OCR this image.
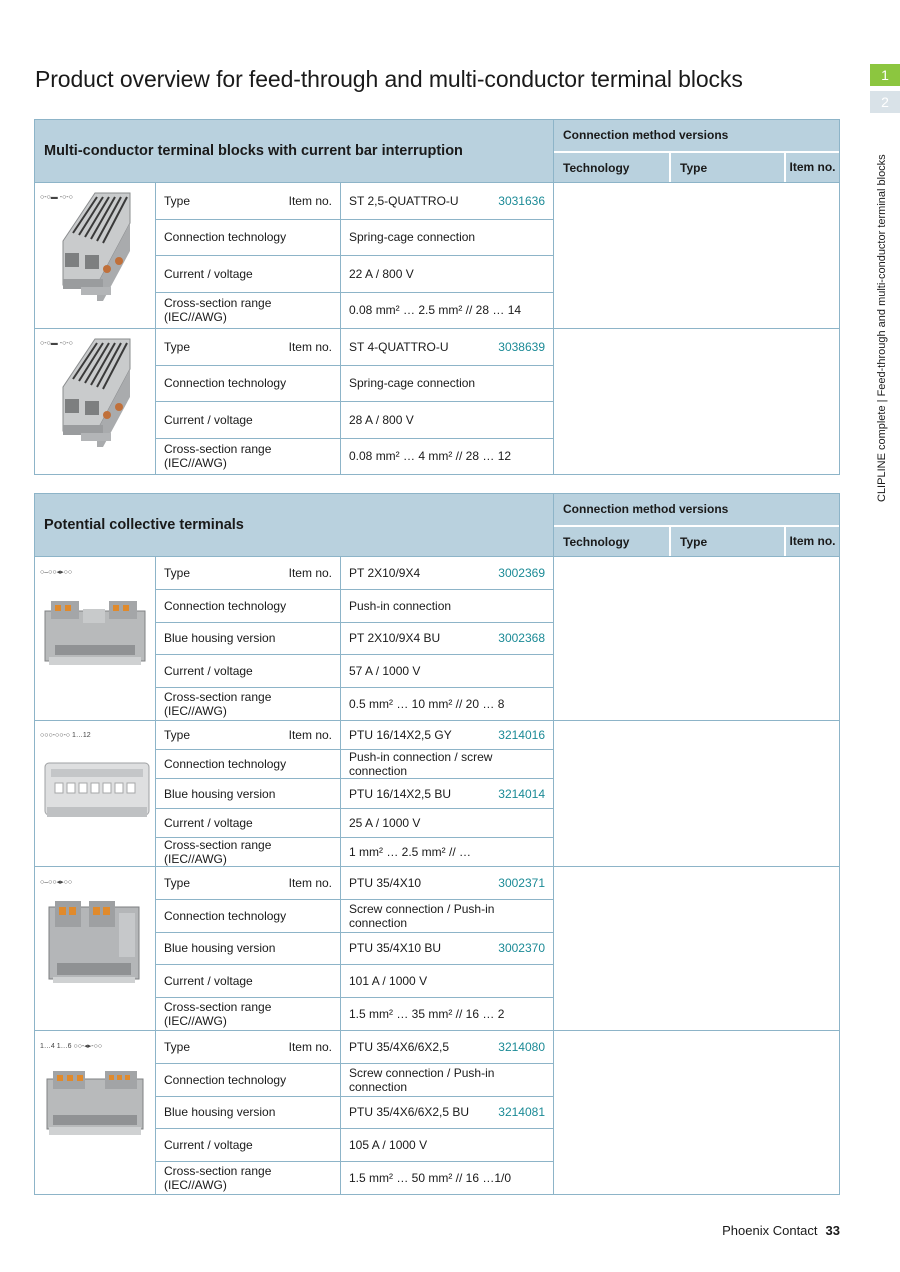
Product overview for feed-through and multi-conductor terminal blocks	1
2
CLIPLINE complete | Feed-through and multi-conductor terminal blocks
Multi-conductor terminal blocks with current bar interruption
Connection method versions
Technology	Type	Item no.
○-○▬ -○-○	Type	Item no. ST 2,5-QUATTRO-U	3031636
Connection technology	Spring-cage connection
Current / voltage	22 A / 800 V
Cross-section range (IEC//AWG)	0.08 mm² … 2.5 mm² // 28 … 14
○-○▬ -○-○	Type	Item no. ST 4-QUATTRO-U	3038639
Connection technology	Spring-cage connection
Current / voltage	28 A / 800 V
Cross-section range (IEC//AWG)	0.08 mm² … 4 mm² // 28 … 12
Potential collective terminals
Connection method versions
Technology	Type	Item no.
○–○○◂▸○○	Type	Item no. PT 2X10/9X4	3002369
Connection technology	Push-in connection
Blue housing version	PT 2X10/9X4 BU	3002368
Current / voltage	57 A / 1000 V
Cross-section range (IEC//AWG)	0.5 mm² … 10 mm² // 20 … 8
○○○-○○-○ 1…12	Type	Item no. PTU 16/14X2,5 GY	3214016
Connection technology	Push-in connection / screw connection
Blue housing version	PTU 16/14X2,5 BU	3214014
Current / voltage	25 A / 1000 V
Cross-section range (IEC//AWG)	1 mm² … 2.5 mm² // …
○–○○◂▸○○	Type	Item no. PTU 35/4X10	3002371
Connection technology	Screw connection / Push-in connection
Blue housing version	PTU 35/4X10 BU	3002370
Current / voltage	101 A / 1000 V
Cross-section range (IEC//AWG)	1.5 mm² … 35 mm² // 16 … 2
1…4 1…6 ○○-◂▸-○○	Type	Item no. PTU 35/4X6/6X2,5	3214080
Connection technology	Screw connection / Push-in connection
Blue housing version	PTU 35/4X6/6X2,5 BU 3214081
Current / voltage	105 A / 1000 V
Cross-section range (IEC//AWG)	1.5 mm² … 50 mm² // 16 …1/0
Phoenix Contact 33
